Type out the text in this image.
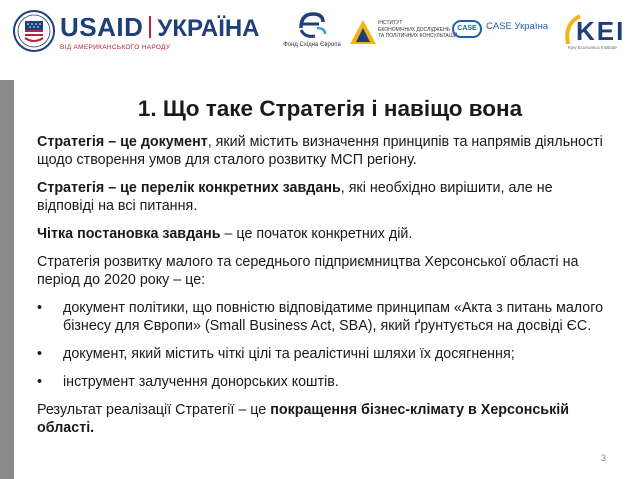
USAID УКРАЇНА
ВІД АМЕРИКАНСЬКОГО НАРОДУ	Фонд Східна Європа
ІНСТИТУТ
ЕКОНОМІЧНИХ ДОСЛІДЖЕНЬ
ТА ПОЛІТИЧНИХ КОНСУЛЬТАЦІЙ
CASE CASE Україна KEI
Kyiv Economics Institute
1. Що таке Стратегія і навіщо вона

Стратегія – це документ, який містить визначення принципів та напрямів діяльності щодо створення умов для сталого розвитку МСП регіону.

Стратегія – це перелік конкретних завдань, які необхідно вирішити, але не відповіді на всі питання.

Чітка постановка завдань – це початок конкретних дій.

Стратегія розвитку малого та середнього підприємництва Херсонської області на період до 2020 року – це:

•	документ політики, що повністю відповідатиме принципам «Акта з питань малого бізнесу для Європи» (Small Business Act, SBA), який ґрунтується на досвіді ЄС.
•	документ, який містить чіткі цілі та реалістичні шляхи їх досягнення;
•	інструмент залучення донорських коштів.

Результат реалізації Стратегії – це покращення бізнес-клімату в Херсонській області.

3
